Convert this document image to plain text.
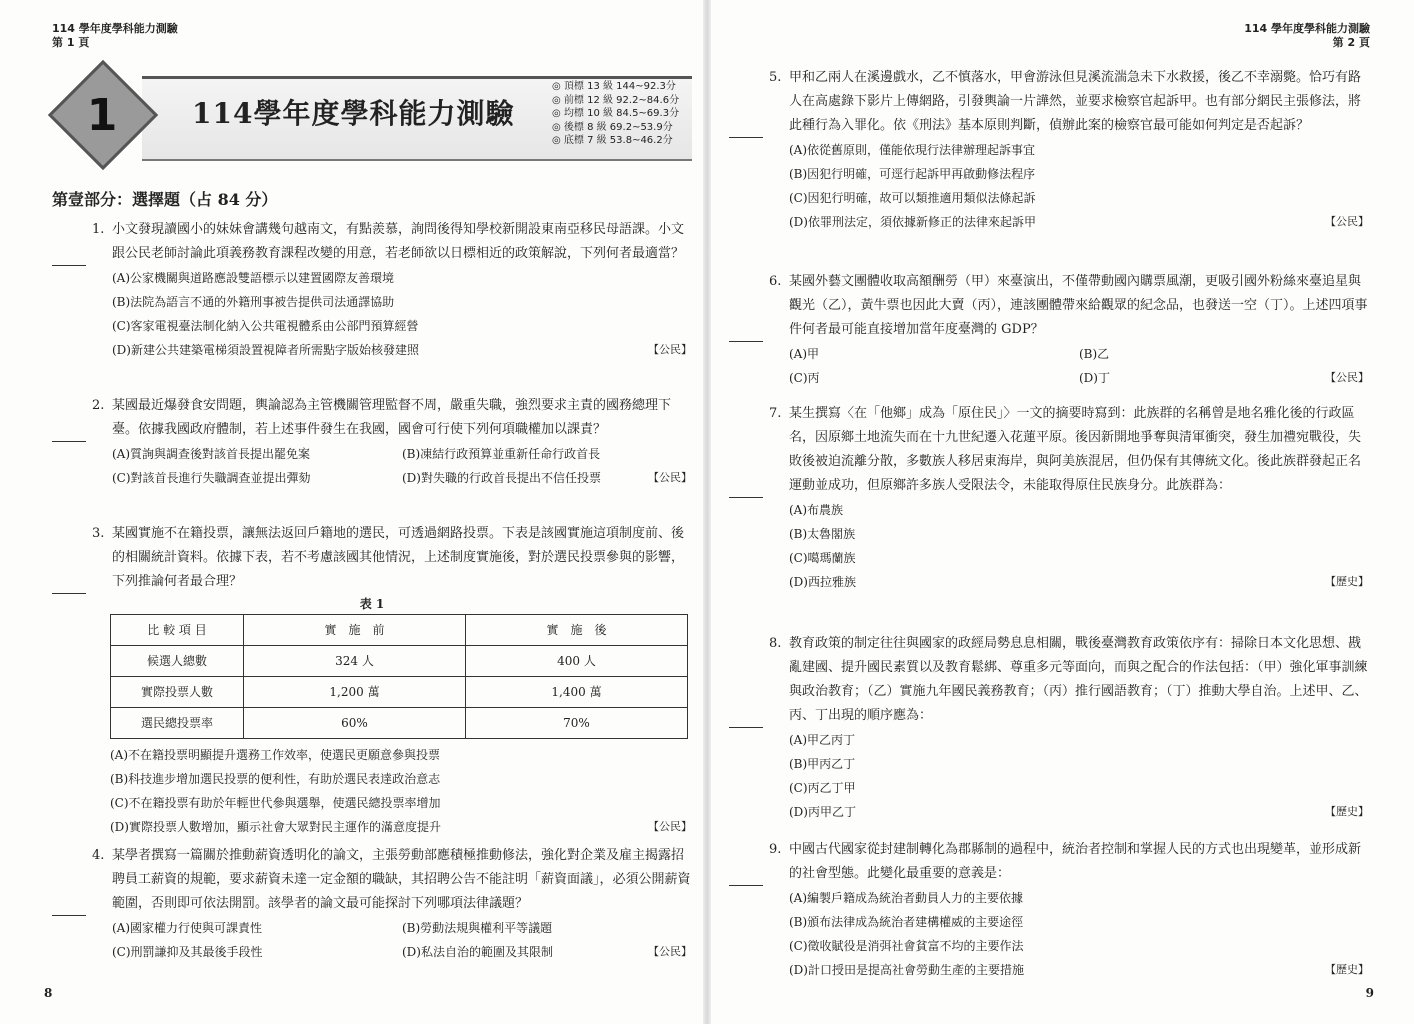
114 學年度學科能力測驗
第 1 頁
1	114學年度學科能力測驗
◎ 頂標 13 級 144~92.3分
◎ 前標 12 級 92.2~84.6分
◎ 均標 10 級 84.5~69.3分
◎ 後標 8 級 69.2~53.9分
◎ 底標 7 級 53.8~46.2分
第壹部分：選擇題（占 84 分）
1. 小文發現讀國小的妹妹會講幾句越南文，有點羨慕，詢問後得知學校新開設東南亞移民母語課。小文跟公民老師討論此項義務教育課程改變的用意，若老師欲以日標相近的政策解說，下列何者最適當？
(A)公家機關與道路應設雙語標示以建置國際友善環境
(B)法院為語言不通的外籍刑事被告提供司法通譯協助
(C)客家電視臺法制化納入公共電視體系由公部門預算經營
(D)新建公共建築電梯須設置視障者所需點字版始核發建照	【公民】
2. 某國最近爆發食安問題，輿論認為主管機關管理監督不周，嚴重失職，強烈要求主責的國務總理下臺。依據我國政府體制，若上述事件發生在我國，國會可行使下列何項職權加以課責？
(A)質詢與調查後對該首長提出罷免案	(B)凍結行政預算並重新任命行政首長
(C)對該首長進行失職調查並提出彈劾	(D)對失職的行政首長提出不信任投票	【公民】
3. 某國實施不在籍投票，讓無法返回戶籍地的選民，可透過網路投票。下表是該國實施這項制度前、後的相關統計資料。依據下表，若不考慮該國其他情況，上述制度實施後，對於選民投票參與的影響，下列推論何者最合理？
表 1
比 較 項 目	實　施　前	實　施　後
候選人總數	324 人	400 人
實際投票人數	1,200 萬	1,400 萬
選民總投票率	60%	70%
(A)不在籍投票明顯提升選務工作效率，使選民更願意參與投票
(B)科技進步增加選民投票的便利性，有助於選民表達政治意志
(C)不在籍投票有助於年輕世代參與選舉，使選民總投票率增加
(D)實際投票人數增加，顯示社會大眾對民主運作的滿意度提升	【公民】
4. 某學者撰寫一篇關於推動薪資透明化的論文，主張勞動部應積極推動修法，強化對企業及雇主揭露招聘員工薪資的規範，要求薪資未達一定金額的職缺，其招聘公告不能註明「薪資面議」，必須公開薪資範圍，否則即可依法開罰。該學者的論文最可能探討下列哪項法律議題？
(A)國家權力行使與可課責性	(B)勞動法規與權利平等議題
(C)刑罰謙抑及其最後手段性	(D)私法自治的範圍及其限制	【公民】
8
114 學年度學科能力測驗
第 2 頁
5. 甲和乙兩人在溪邊戲水，乙不慎落水，甲會游泳但見溪流湍急未下水救援，後乙不幸溺斃。恰巧有路人在高處錄下影片上傳網路，引發輿論一片譁然，並要求檢察官起訴甲。也有部分網民主張修法，將此種行為入罪化。依《刑法》基本原則判斷，偵辦此案的檢察官最可能如何判定是否起訴？
(A)依從舊原則，僅能依現行法律辦理起訴事宜
(B)因犯行明確，可逕行起訴甲再啟動修法程序
(C)因犯行明確，故可以類推適用類似法條起訴
(D)依罪刑法定，須依據新修正的法律來起訴甲	【公民】
6. 某國外藝文團體收取高額酬勞（甲）來臺演出，不僅帶動國內購票風潮，更吸引國外粉絲來臺追星與觀光（乙），黃牛票也因此大賣（丙），連該團體帶來給觀眾的紀念品，也發送一空（丁）。上述四項事件何者最可能直接增加當年度臺灣的 GDP？
(A)甲	(B)乙
(C)丙	(D)丁	【公民】
7. 某生撰寫〈在「他鄉」成為「原住民」〉一文的摘要時寫到：此族群的名稱曾是地名雅化後的行政區名，因原鄉土地流失而在十九世紀遷入花蓮平原。後因新開地爭奪與清軍衝突，發生加禮宛戰役，失敗後被迫流離分散，多數族人移居東海岸，與阿美族混居，但仍保有其傳統文化。後此族群發起正名運動並成功，但原鄉許多族人受限法令，未能取得原住民族身分。此族群為：
(A)布農族
(B)太魯閣族
(C)噶瑪蘭族
(D)西拉雅族	【歷史】
8. 教育政策的制定往往與國家的政經局勢息息相關，戰後臺灣教育政策依序有：掃除日本文化思想、戡亂建國、提升國民素質以及教育鬆綁、尊重多元等面向，而與之配合的作法包括：（甲）強化軍事訓練與政治教育；（乙）實施九年國民義務教育；（丙）推行國語教育；（丁）推動大學自治。上述甲、乙、丙、丁出現的順序應為：
(A)甲乙丙丁
(B)甲丙乙丁
(C)丙乙丁甲
(D)丙甲乙丁	【歷史】
9. 中國古代國家從封建制轉化為郡縣制的過程中，統治者控制和掌握人民的方式也出現變革，並形成新的社會型態。此變化最重要的意義是：
(A)編製戶籍成為統治者動員人力的主要依據
(B)頒布法律成為統治者建構權威的主要途徑
(C)徵收賦役是消弭社會貧富不均的主要作法
(D)計口授田是提高社會勞動生產的主要措施	【歷史】
9
